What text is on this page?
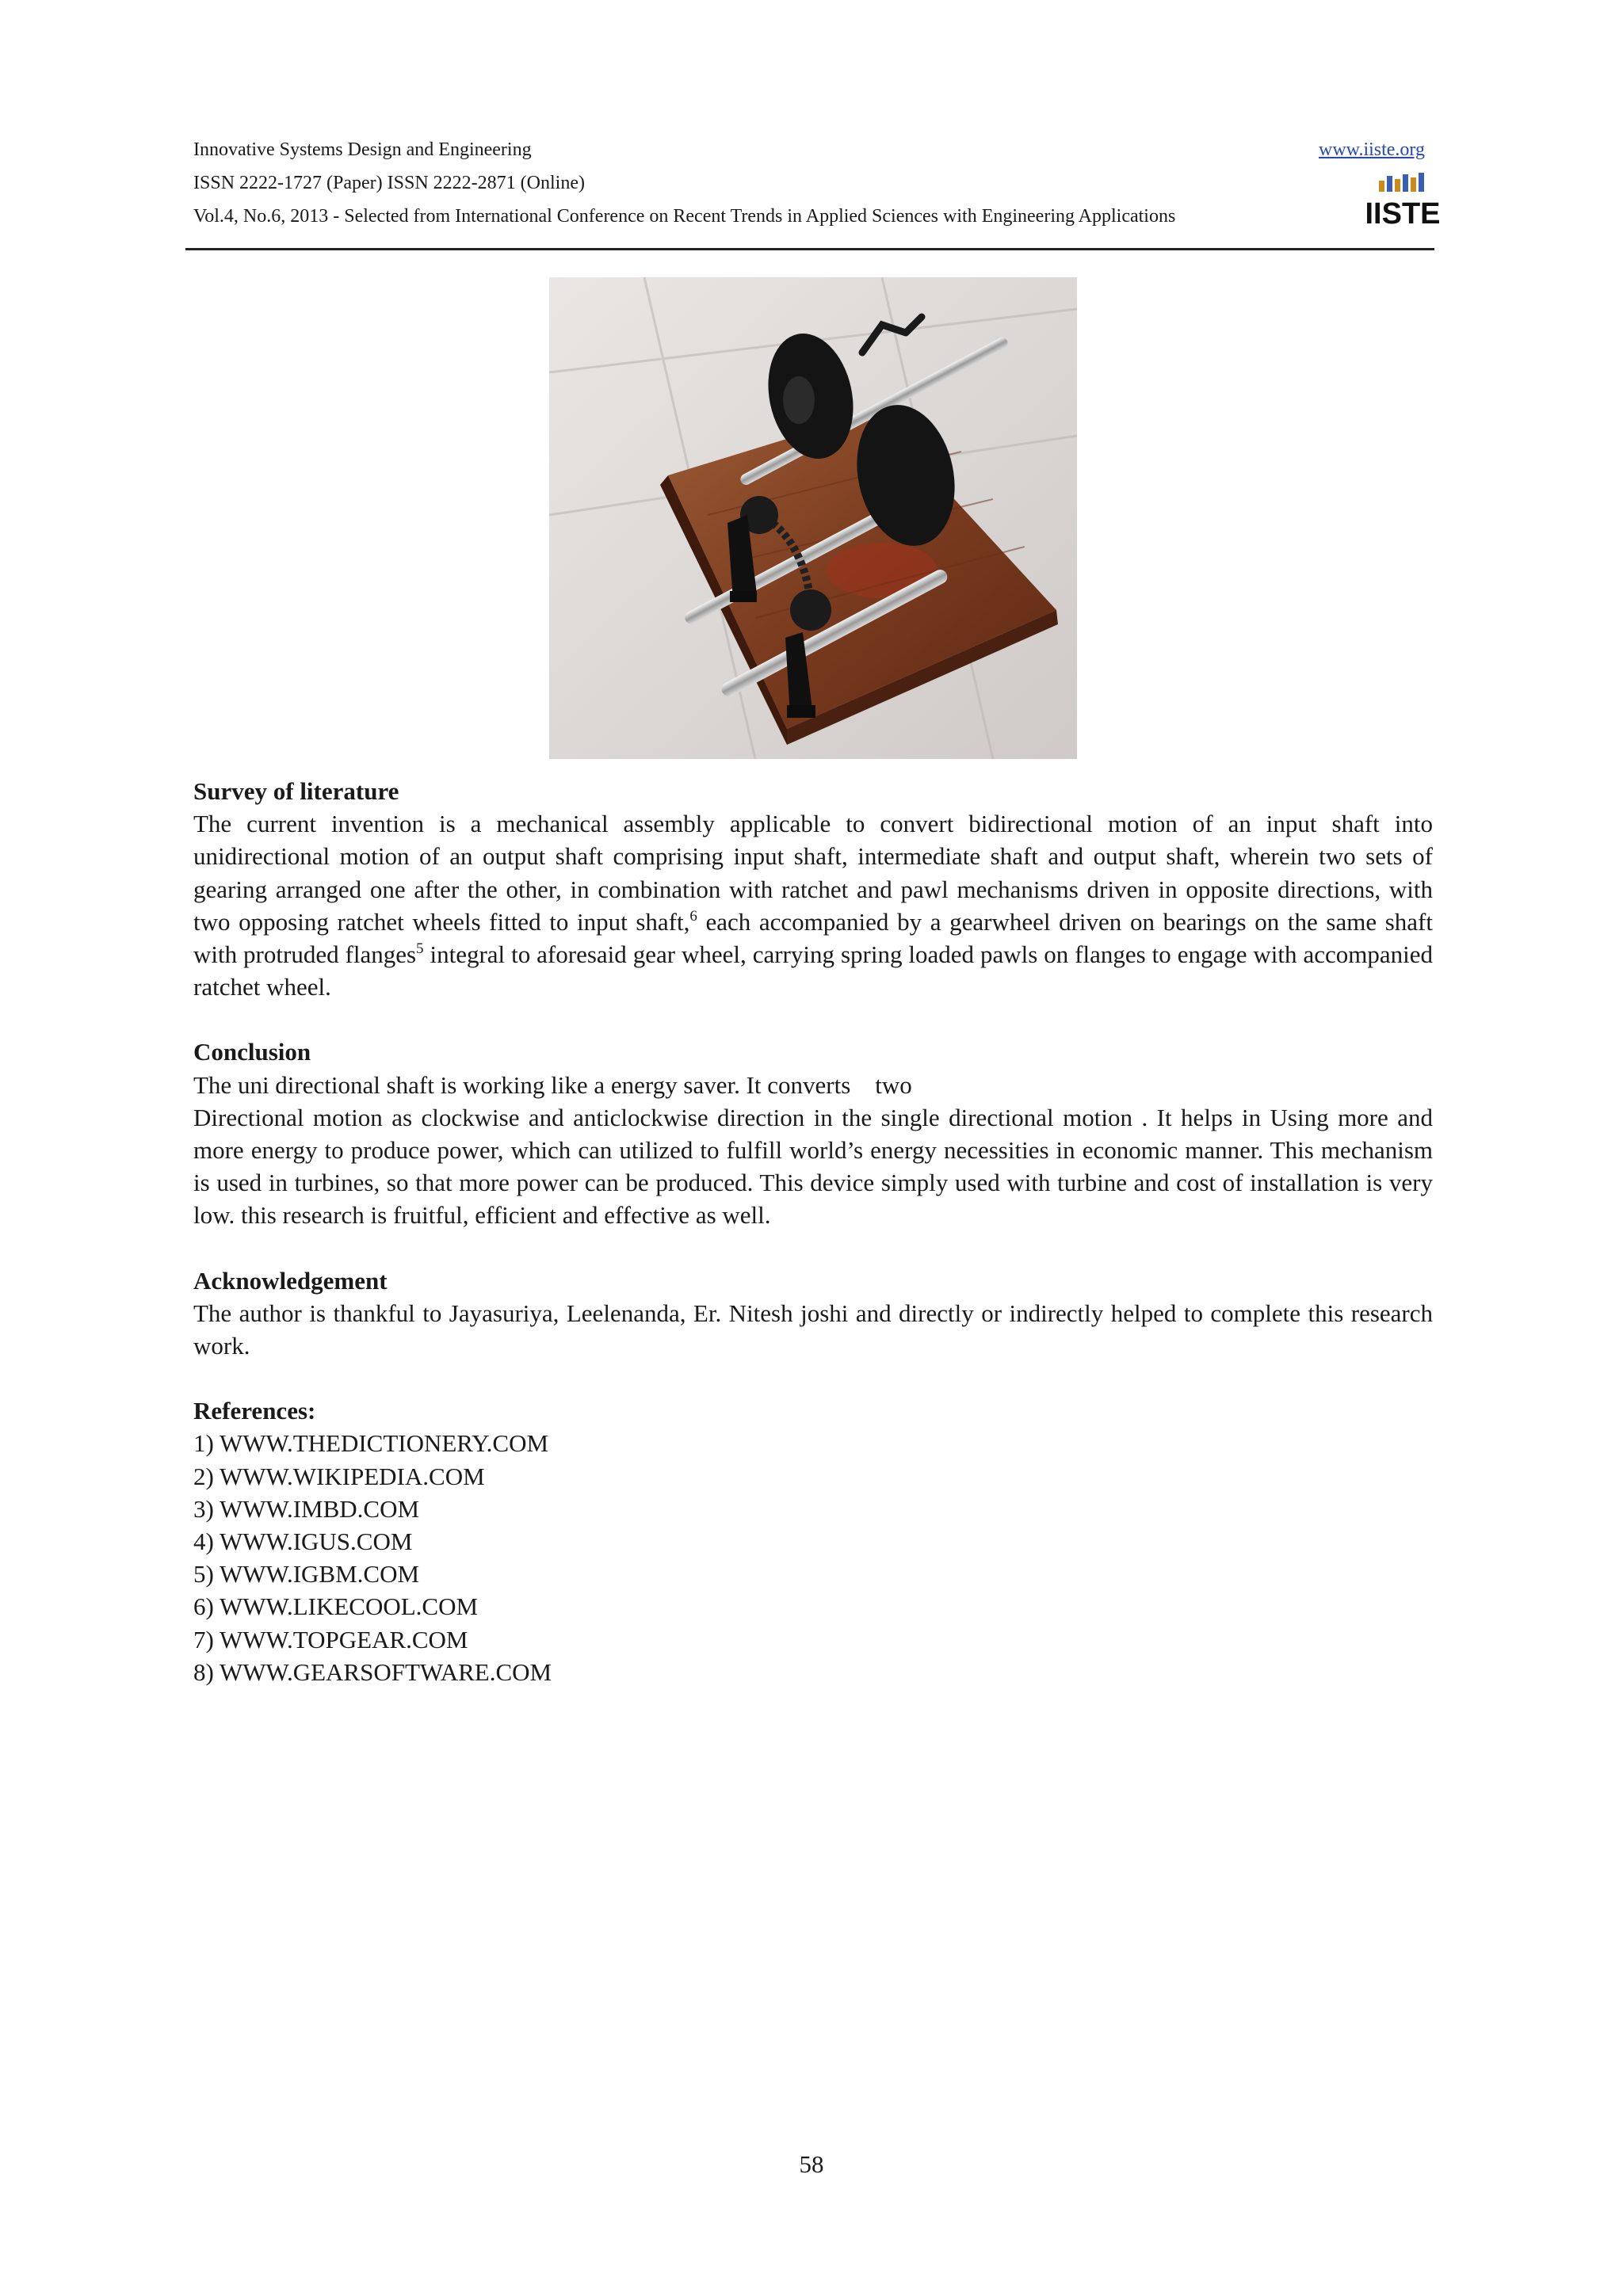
Innovative Systems Design and Engineering
ISSN 2222-1727 (Paper) ISSN 2222-2871 (Online)
Vol.4, No.6, 2013 - Selected from International Conference on Recent Trends in Applied Sciences with Engineering Applications
www.iiste.org
IISTE
Survey of literature
The current invention is a mechanical assembly applicable to convert bidirectional motion of an input shaft into unidirectional motion of an output shaft comprising input shaft, intermediate shaft and output shaft, wherein two sets of gearing arranged one after the other, in combination with ratchet and pawl mechanisms driven in opposite directions, with two opposing ratchet wheels fitted to input shaft,$^6$ each accompanied by a gearwheel driven on bearings on the same shaft with protruded flanges$^5$ integral to aforesaid gear wheel, carrying spring loaded pawls on flanges to engage with accompanied ratchet wheel.
Conclusion
The uni directional shaft is working like a energy saver. It converts    two
Directional motion as clockwise and anticlockwise direction in the single directional motion . It helps in Using more and more energy to produce power, which can utilized to fulfill world’s energy necessities in economic manner. This mechanism is used in turbines, so that more power can be produced. This device simply used with turbine and cost of installation is very low. this research is fruitful, efficient and effective as well.
Acknowledgement
The author is thankful to Jayasuriya, Leelenanda, Er. Nitesh joshi and directly or indirectly helped to complete this research work.
References:
1) WWW.THEDICTIONERY.COM
2) WWW.WIKIPEDIA.COM
3) WWW.IMBD.COM
4) WWW.IGUS.COM
5) WWW.IGBM.COM
6) WWW.LIKECOOL.COM
7) WWW.TOPGEAR.COM
8) WWW.GEARSOFTWARE.COM
58
